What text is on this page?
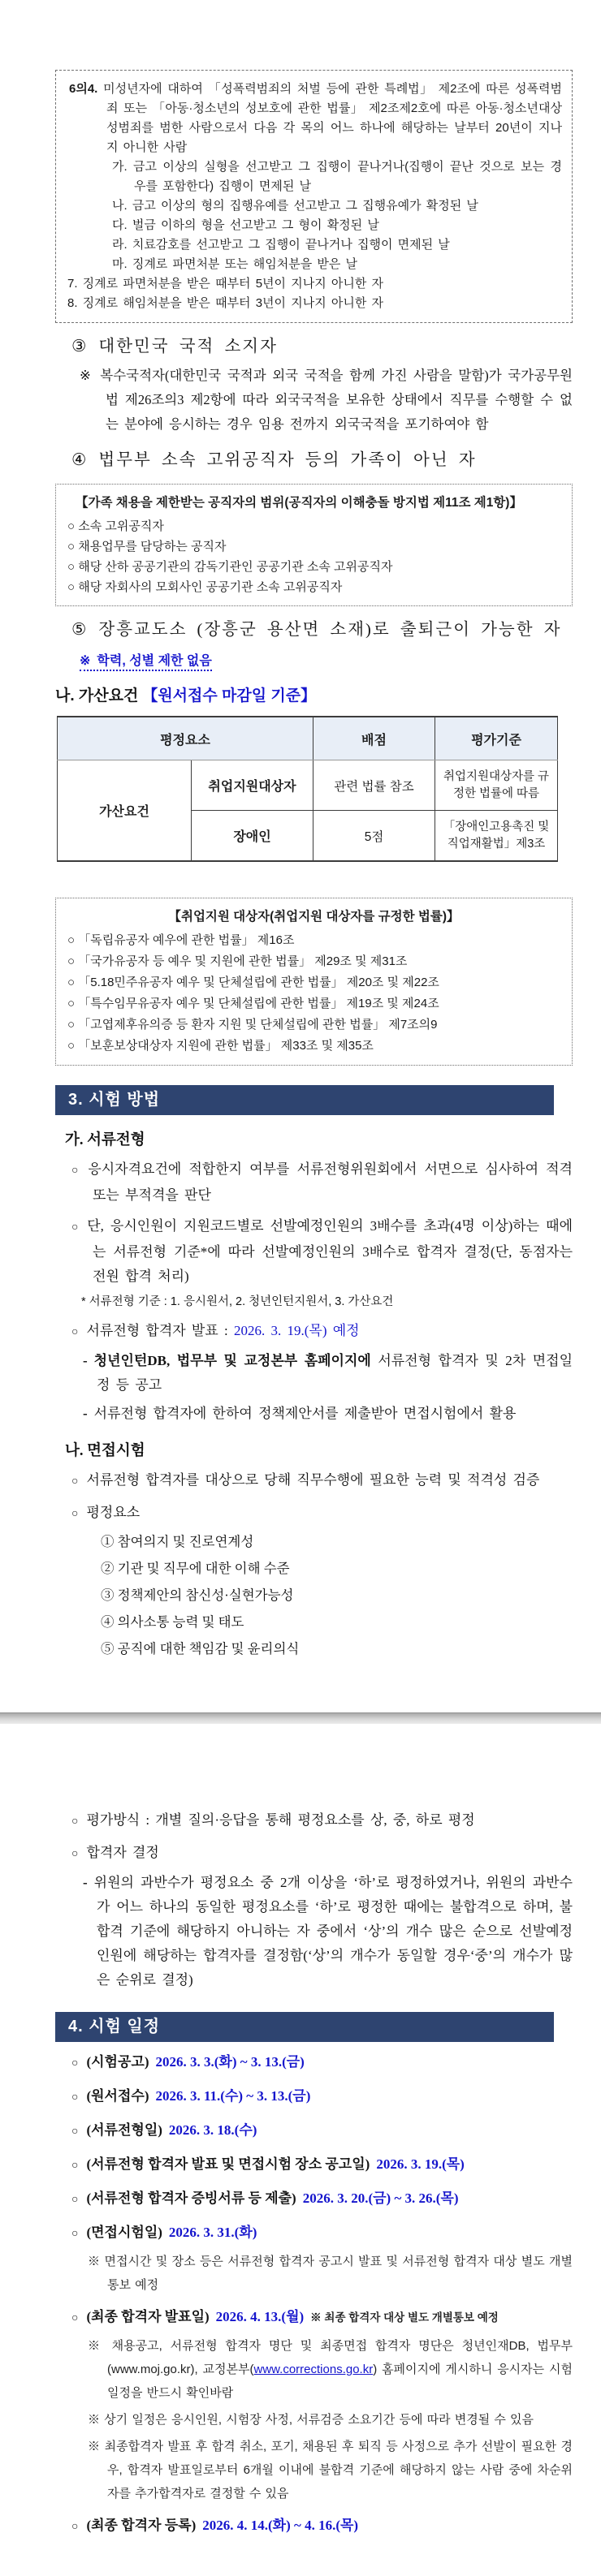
6의4. 미성년자에 대하여 「성폭력범죄의 처벌 등에 관한 특례법」 제2조에 따른 성폭력범죄 또는 「아동·청소년의 성보호에 관한 법률」 제2조제2호에 따른 아동·청소년대상 성범죄를 범한 사람으로서 다음 각 목의 어느 하나에 해당하는 날부터 20년이 지나지 아니한 사람

가. 금고 이상의 실형을 선고받고 그 집행이 끝나거나(집행이 끝난 것으로 보는 경우를 포함한다) 집행이 면제된 날

나. 금고 이상의 형의 집행유예를 선고받고 그 집행유예가 확정된 날

다. 벌금 이하의 형을 선고받고 그 형이 확정된 날

라. 치료감호를 선고받고 그 집행이 끝나거나 집행이 면제된 날

마. 징계로 파면처분 또는 해임처분을 받은 날

7. 징계로 파면처분을 받은 때부터 5년이 지나지 아니한 자

8. 징계로 해임처분을 받은 때부터 3년이 지나지 아니한 자

③ 대한민국 국적 소지자

※ 복수국적자(대한민국 국적과 외국 국적을 함께 가진 사람을 말함)가 국가공무원법 제26조의3 제2항에 따라 외국국적을 보유한 상태에서 직무를 수행할 수 없는 분야에 응시하는 경우 임용 전까지 외국국적을 포기하여야 함

④ 법무부 소속 고위공직자 등의 가족이 아닌 자

【가족 채용을 제한받는 공직자의 범위(공직자의 이해충돌 방지법 제11조 제1항)】

○ 소속 고위공직자

○ 채용업무를 담당하는 공직자

○ 해당 산하 공공기관의 감독기관인 공공기관 소속 고위공직자

○ 해당 자회사의 모회사인 공공기관 소속 고위공직자

⑤ 장흥교도소 (장흥군 용산면 소재)로 출퇴근이 가능한 자

※ 학력, 성별 제한 없음

나. 가산요건 【원서접수 마감일 기준】
평정요소		배점	평가기준
가산요건	취업지원대상자	관련 법률 참조	취업지원대상자를 규정한 법률에 따름
	장애인	5점	「장애인고용촉진 및 직업재활법」제3조

【취업지원 대상자(취업지원 대상자를 규정한 법률)】

○ 「독립유공자 예우에 관한 법률」 제16조

○ 「국가유공자 등 예우 및 지원에 관한 법률」 제29조 및 제31조

○ 「5.18민주유공자 예우 및 단체설립에 관한 법률」 제20조 및 제22조

○ 「특수임무유공자 예우 및 단체설립에 관한 법률」 제19조 및 제24조

○ 「고엽제후유의증 등 환자 지원 및 단체설립에 관한 법률」 제7조의9

○ 「보훈보상대상자 지원에 관한 법률」 제33조 및 제35조

3. 시험 방법
가. 서류전형

○ 응시자격요건에 적합한지 여부를 서류전형위원회에서 서면으로 심사하여 적격 또는 부적격을 판단

○ 단, 응시인원이 지원코드별로 선발예정인원의 3배수를 초과(4명 이상)하는 때에는 서류전형 기준*에 따라 선발예정인원의 3배수로 합격자 결정(단, 동점자는 전원 합격 처리)

* 서류전형 기준 : 1. 응시원서, 2. 청년인턴지원서, 3. 가산요건

○ 서류전형 합격자 발표 : 2026. 3. 19.(목) 예정

- 청년인턴DB, 법무부 및 교정본부 홈페이지에 서류전형 합격자 및 2차 면접일정 등 공고

- 서류전형 합격자에 한하여 정책제안서를 제출받아 면접시험에서 활용

나. 면접시험

○ 서류전형 합격자를 대상으로 당해 직무수행에 필요한 능력 및 적격성 검증

○ 평정요소

① 참여의지 및 진로연계성

② 기관 및 직무에 대한 이해 수준

③ 정책제안의 참신성·실현가능성

④ 의사소통 능력 및 태도

⑤ 공직에 대한 책임감 및 윤리의식

○ 평가방식 : 개별 질의·응답을 통해 평정요소를 상, 중, 하로 평정

○ 합격자 결정

- 위원의 과반수가 평정요소 중 2개 이상을 ‘하’로 평정하였거나, 위원의 과반수가 어느 하나의 동일한 평정요소를 ‘하’로 평정한 때에는 불합격으로 하며, 불합격 기준에 해당하지 아니하는 자 중에서 ‘상’의 개수 많은 순으로 선발예정인원에 해당하는 합격자를 결정함(‘상’의 개수가 동일할 경우‘중’의 개수가 많은 순위로 결정)

4. 시험 일정

○ (시험공고) 2026. 3. 3.(화) ~ 3. 13.(금)

○ (원서접수) 2026. 3. 11.(수) ~ 3. 13.(금)

○ (서류전형일) 2026. 3. 18.(수)

○ (서류전형 합격자 발표 및 면접시험 장소 공고일) 2026. 3. 19.(목)

○ (서류전형 합격자 증빙서류 등 제출) 2026. 3. 20.(금) ~ 3. 26.(목)

○ (면접시험일) 2026. 3. 31.(화)

※ 면접시간 및 장소 등은 서류전형 합격자 공고시 발표 및 서류전형 합격자 대상 별도 개별통보 예정

○ (최종 합격자 발표일) 2026. 4. 13.(월) ※ 최종 합격자 대상 별도 개별통보 예정

※ 채용공고, 서류전형 합격자 명단 및 최종면접 합격자 명단은 청년인재DB, 법무부 (www.moj.go.kr), 교정본부(www.corrections.go.kr) 홈페이지에 게시하니 응시자는 시험일정을 반드시 확인바람

※ 상기 일정은 응시인원, 시험장 사정, 서류검증 소요기간 등에 따라 변경될 수 있음

※ 최종합격자 발표 후 합격 취소, 포기, 채용된 후 퇴직 등 사정으로 추가 선발이 필요한 경우, 합격자 발표일로부터 6개월 이내에 불합격 기준에 해당하지 않는 사람 중에 차순위자를 추가합격자로 결정할 수 있음

○ (최종 합격자 등록) 2026. 4. 14.(화) ~ 4. 16.(목)
